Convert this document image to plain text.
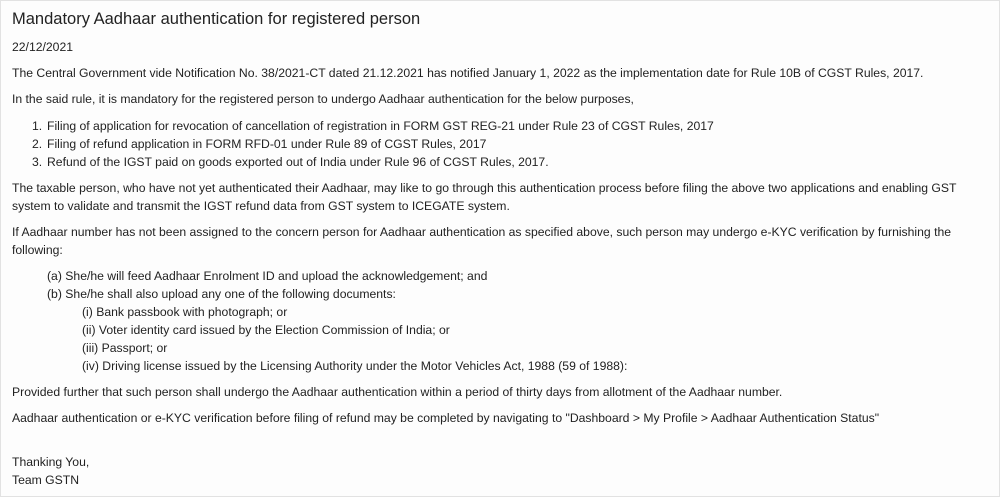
Mandatory Aadhaar authentication for registered person

22/12/2021

The Central Government vide Notification No. 38/2021-CT dated 21.12.2021 has notified January 1, 2022 as the implementation date for Rule 10B of CGST Rules, 2017.

In the said rule, it is mandatory for the registered person to undergo Aadhaar authentication for the below purposes,

1. Filing of application for revocation of cancellation of registration in FORM GST REG-21 under Rule 23 of CGST Rules, 2017
2. Filing of refund application in FORM RFD-01 under Rule 89 of CGST Rules, 2017
3. Refund of the IGST paid on goods exported out of India under Rule 96 of CGST Rules, 2017.

The taxable person, who have not yet authenticated their Aadhaar, may like to go through this authentication process before filing the above two applications and enabling GST system to validate and transmit the IGST refund data from GST system to ICEGATE system.

If Aadhaar number has not been assigned to the concern person for Aadhaar authentication as specified above, such person may undergo e-KYC verification by furnishing the following:

(a) She/he will feed Aadhaar Enrolment ID and upload the acknowledgement; and
(b) She/he shall also upload any one of the following documents:
(i) Bank passbook with photograph; or
(ii) Voter identity card issued by the Election Commission of India; or
(iii) Passport; or
(iv) Driving license issued by the Licensing Authority under the Motor Vehicles Act, 1988 (59 of 1988):

Provided further that such person shall undergo the Aadhaar authentication within a period of thirty days from allotment of the Aadhaar number.

Aadhaar authentication or e-KYC verification before filing of refund may be completed by navigating to "Dashboard > My Profile > Aadhaar Authentication Status"

Thanking You,

Team GSTN
